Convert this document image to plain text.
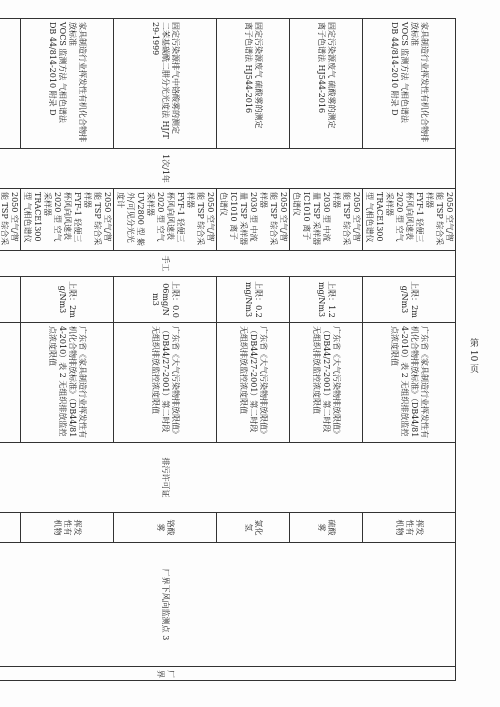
家具制造行业挥发性有机化合物排放标准
VOCS 监测方法 气相色谱法
DB 44/814-2010 附录 D	1次/1年	2050 空气/智能 TSP 综合采样器
FYF-1 轻便三杯风向风速表
2020 型 空气采样器
TRACE1300 型 气相色谱仪	手工	上限：2mg/Nm3	广东省《家具制造行业挥发性有机化合物排放标准》（DB44/814-2010）表 2 无组织排放监控点浓度限值	排污许可证	挥发性有机物	厂界下风向监测点 3	厂界
固定污染源废气 硫酸雾的测定
离子色谱法 HJ544-2016		2050 空气/智能 TSP 综合采样器
2030 型 中流量 TSP 采样器
IC1010 离子色谱仪		上限：1.2mg/Nm3	广东省《大气污染物排放限值》（DB44/27-2001）第二时段无组织排放监控浓度限值		硫酸雾		
固定污染源废气 硫酸雾的测定
离子色谱法 HJ544-2016		2050 空气/智能 TSP 综合采样器
2030 型 中流量 TSP 采样器
IC1010 离子色谱仪		上限：0.2mg/Nm3	广东省《大气污染物排放限值》（DB44/27-2001）第二时段无组织排放监控浓度限值		氯化氢		
固定污染源排气中铬酸雾的测定
二苯基碳酰二肼分光光度法 HJ/T 29-1999		2050 空气/智能 TSP 综合采样器
FYF-1 轻便三杯风向风速表
2020 型 空气采样器
UV2800 型 紫外/可见分光光度计		上限：0.006mg/Nm3	广东省《大气污染物排放限值》（DB44/27-2001）第二时段无组织排放监控浓度限值		铬酸雾		
家具制造行业挥发性有机化合物排放标准
VOCS 监测方法 气相色谱法
DB 44/814-2010 附录 D		2050 空气/智能 TSP 综合采样器
FYF-1 轻便三杯风向风速表
2020 型 空气采样器
TRACE1300 型 气相色谱仪		上限：2mg/Nm3	广东省《家具制造行业挥发性有机化合物排放标准》（DB44/814-2010）表 2 无组织排放监控点浓度限值		挥发性有机物		
	2050 空气/智能 TSP 综合采

第 10 页
